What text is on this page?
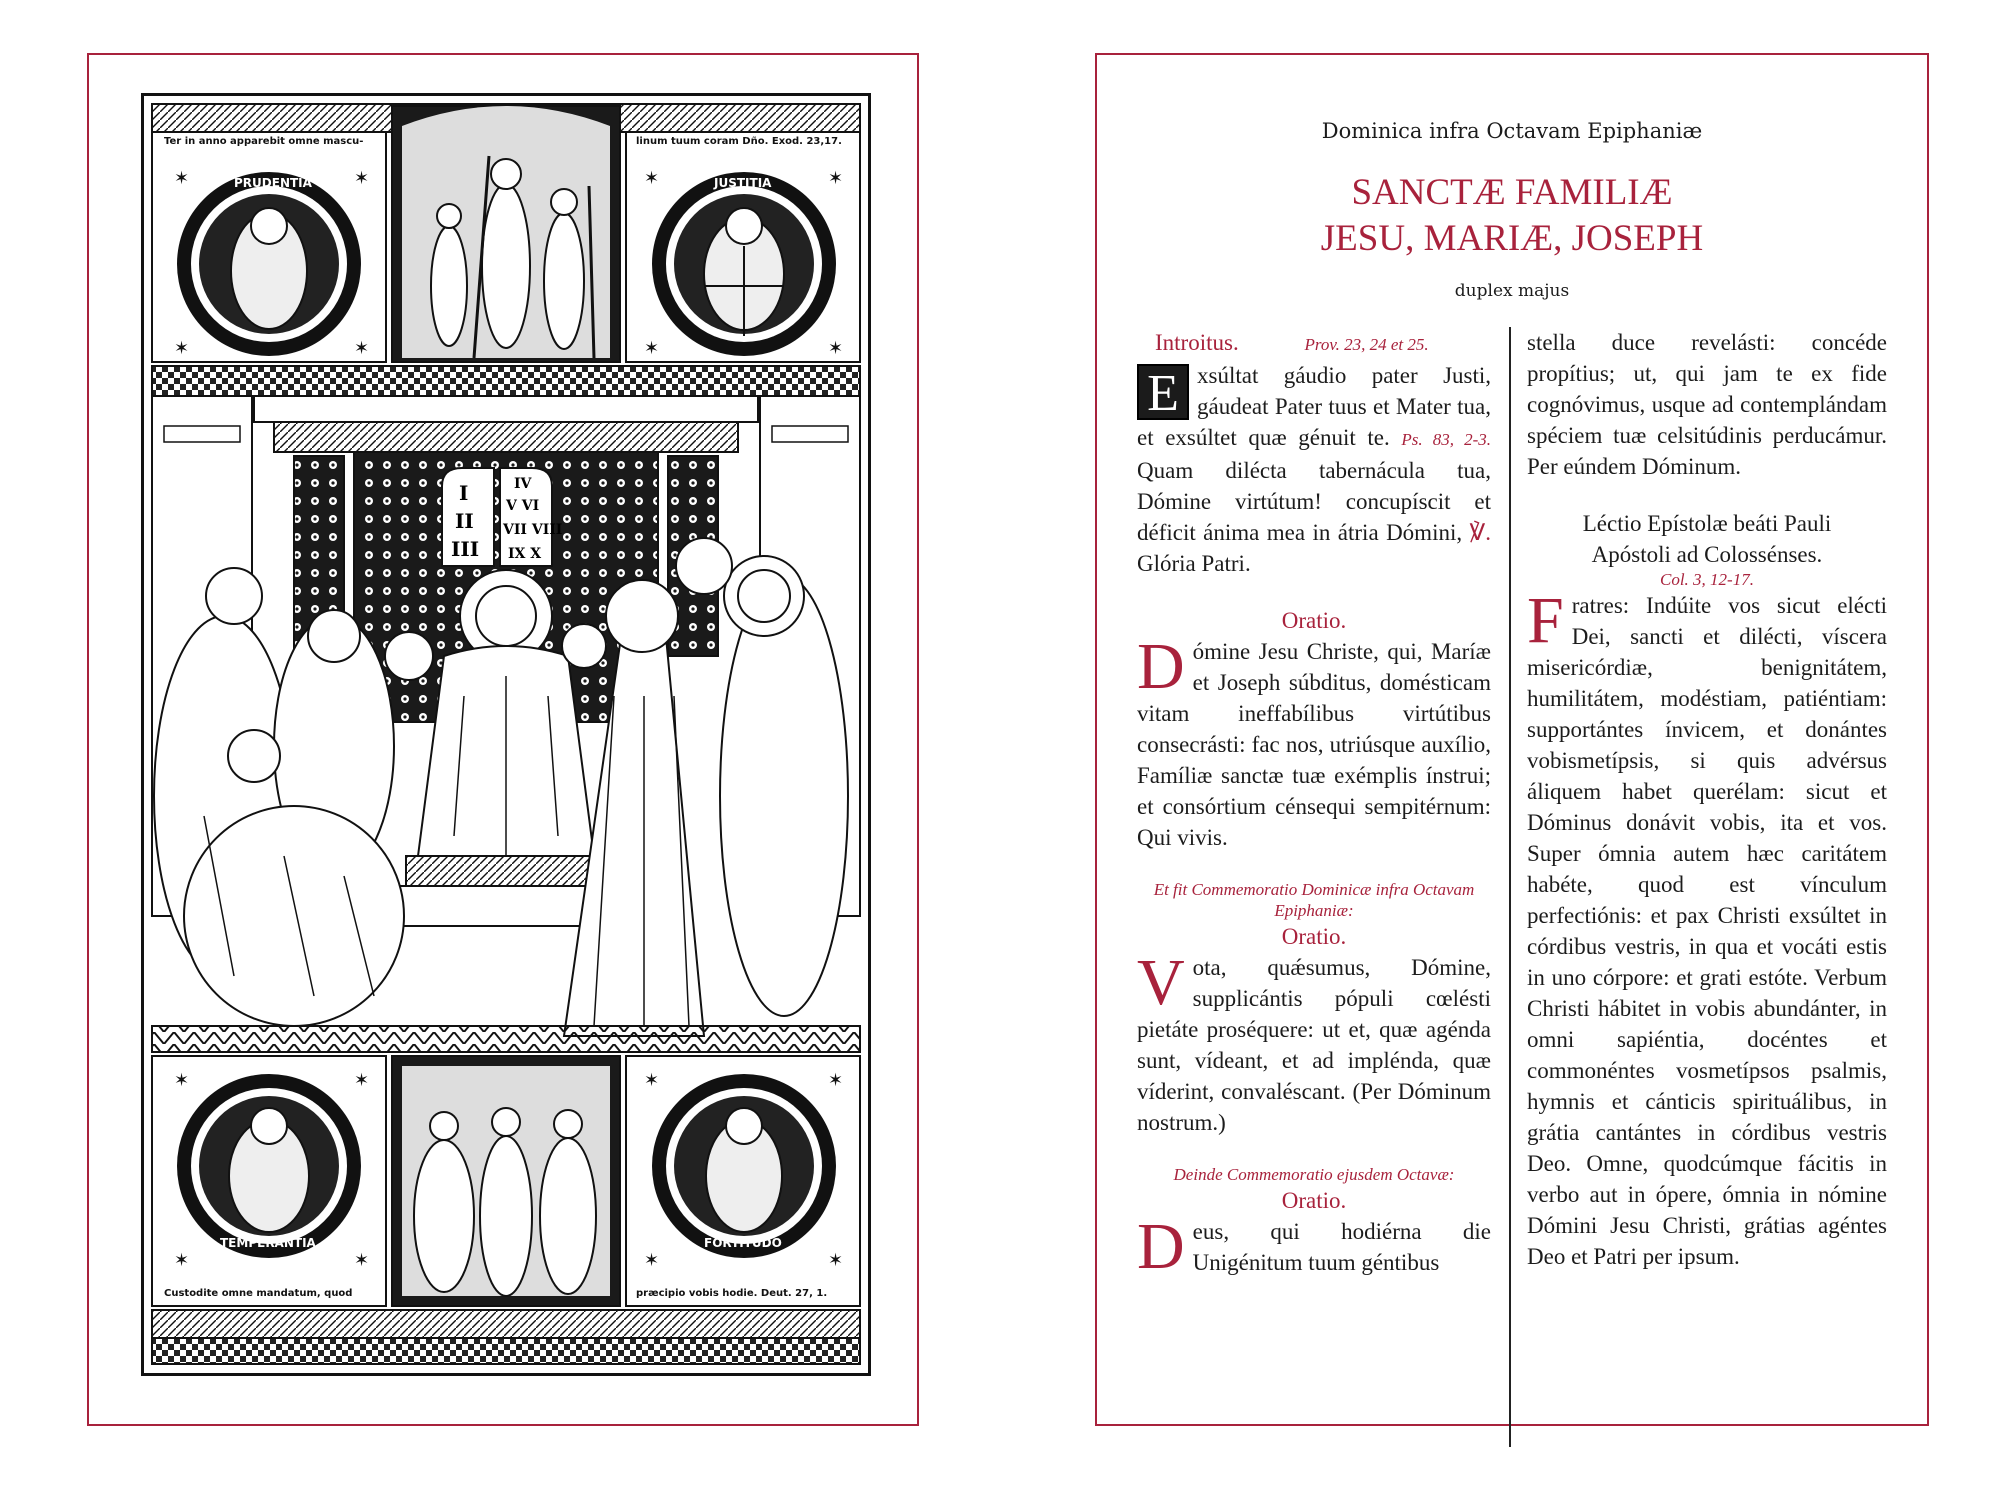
✶	✶
✶	✶
✶	✶
✶	✶
I
II
III
IV
V VI
VII VIII
IX X
✶	✶
✶	✶
✶	✶
✶	✶
Ter in anno apparebit omne mascu-	linum tuum coram Dño. Exod. 23,17.
Custodite omne mandatum, quod	præcipio vobis hodie. Deut. 27, 1.
PRUDENTIA	JUSTITIA
TEMPERANTIA	FORTITUDO
Dominica infra Octavam Epiphaniæ
SANCTÆ FAMILIÆ
JESU, MARIÆ, JOSEPH
duplex majus
Introitus.	Prov. 23, 24 et 25.

E xsúltat gáudio pater Justi, gáudeat Pater tuus et Mater tua, et exsúltet quæ génuit te. Ps. 83, 2-3. Quam dilécta tabernácula tua, Dómine virtútum! concupíscit et déficit ánima mea in átria Dómini, ℣. Glória Patri.

Oratio.

Dómine Jesu Christe, qui, Maríæ et Joseph súbditus, domésticam vitam ineffabílibus virtútibus consecrásti: fac nos, utriúsque auxílio, Famíliæ sanctæ tuæ exémplis ínstrui; et consórtium cénsequi sempitérnum: Qui vivis.

Et fit Commemoratio Dominicæ infra Octavam Epiphaniæ:
Oratio.

Vota, quǽsumus, Dómine, supplicántis pópuli cœlésti pietáte proséquere: ut et, quæ agénda sunt, vídeant, et ad impléndа, quæ víderint, convaléscant. (Per Dóminum nostrum.)

Deinde Commemoratio ejusdem Octavæ:
Oratio.

Deus, qui hodiérna die Unigénitum tuum géntibus

stella duce revelásti: concéde propítius; ut, qui jam te ex fide cognóvimus, usque ad contemplándam spéciem tuæ celsitúdinis perducámur. Per eúndem Dóminum.

Léctio Epístolæ beáti Pauli
Apóstoli ad Colossénses.
Col. 3, 12-17.

Fratres: Indúite vos sicut elécti Dei, sancti et dilécti, víscera misericórdiæ, benignitátem, humilitátem, modéstiam, patiéntiam: supportántes ínvicem, et donántes vobismetípsis, si quis advérsus áliquem habet querélam: sicut et Dóminus donávit vobis, ita et vos. Super ómnia autem hæc caritátem habéte, quod est vínculum perfectiónis: et pax Christi exsúltet in córdibus vestris, in qua et vocáti estis in uno córpore: et grati estóte. Verbum Christi hábitet in vobis abundánter, in omni sapiéntia, docéntes et commonéntes vosmetípsos psalmis, hymnis et cánticis spirituálibus, in grátia cantántes in córdibus vestris Deo. Omne, quodcúmque fácitis in verbo aut in ópere, ómnia in nómine Dómini Jesu Christi, grátias agéntes Deo et Patri per ipsum.
